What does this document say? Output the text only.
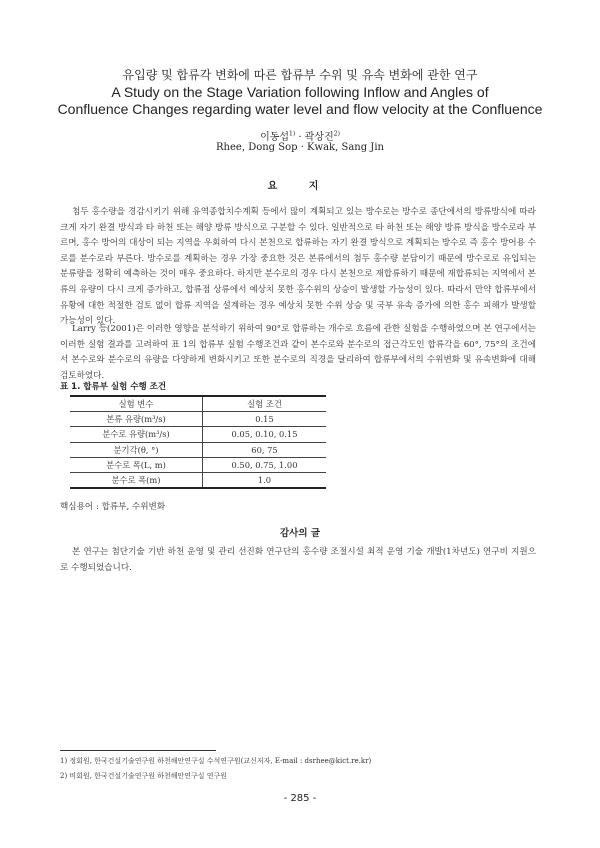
유입량 및 합류각 변화에 따른 합류부 수위 및 유속 변화에 관한 연구
A Study on the Stage Variation following Inflow and Angles of
Confluence Changes regarding water level and flow velocity at the Confluence
이동섭$^{1)}$ · 곽상진$^{2)}$
Rhee, Dong Sop · Kwak, Sang Jin
요 지
첨두 홍수량을 경감시키기 위해 유역종합치수계획 등에서 많이 계획되고 있는 방수로는 방수로 종단에서의 방류방식에 따라 크게 자기 완결 방식과 타 하천 또는 해양 방류 방식으로 구분할 수 있다. 일반적으로 타 하천 또는 해양 방류 방식을 방수로라 부르며, 홍수 방어의 대상이 되는 지역을 우회하여 다시 본천으로 합류하는 자기 완결 방식으로 계획되는 방수로 즉 홍수 방어용 수로를 분수로라 부른다. 방수로를 계획하는 경우 가장 중요한 것은 본류에서의 첨두 홍수량 분담이기 때문에 방수로로 유입되는 분류량을 정확히 예측하는 것이 매우 중요하다. 하지만 분수로의 경우 다시 본천으로 재합류하기 때문에 재합류되는 지역에서 본류의 유량이 다시 크게 증가하고, 합류점 상류에서 예상치 못한 홍수위의 상승이 발생할 가능성이 있다. 따라서 만약 합류부에서 유황에 대한 적절한 검토 없이 합류 지역을 설계하는 경우 예상치 못한 수위 상승 및 국부 유속 증가에 의한 홍수 피해가 발생할 가능성이 있다.
Larry 등(2001)은 이러한 영향을 분석하기 위하여 90°로 합류하는 개수로 흐름에 관한 실험을 수행하였으며 본 연구에서는 이러한 실험 결과를 고려하여 표 1의 합류부 실험 수행조건과 같이 본수로와 분수로의 접근각도인 합류각을 60°, 75°의 조건에서 본수로와 분수로의 유량을 다양하게 변화시키고 또한 분수로의 직경을 달리하여 합류부에서의 수위변화 및 유속변화에 대해 검토하였다.
표 1. 합류부 실험 수행 조건
실험 변수	실험 조건
본류 유량(m³/s)	0.15
분수로 유량(m³/s)	0.05, 0.10, 0.15
분기각(θ, °)	60, 75
분수로 폭(L, m)	0.50, 0.75, 1.00
분수로 폭(m)	1.0
핵심용어 : 합류부, 수위변화
감사의 글
본 연구는 첨단기술 기반 하천 운영 및 관리 선진화 연구단의 홍수량 조절시설 최적 운영 기술 개발(1차년도) 연구비 지원으로 수행되었습니다.
1) 정회원, 한국건설기술연구원 하천해안연구실 수석연구원(교신저자, E-mail : dsrhee@kict.re.kr)
2) 비회원, 한국건설기술연구원 하천해안연구실 연구원
- 285 -
